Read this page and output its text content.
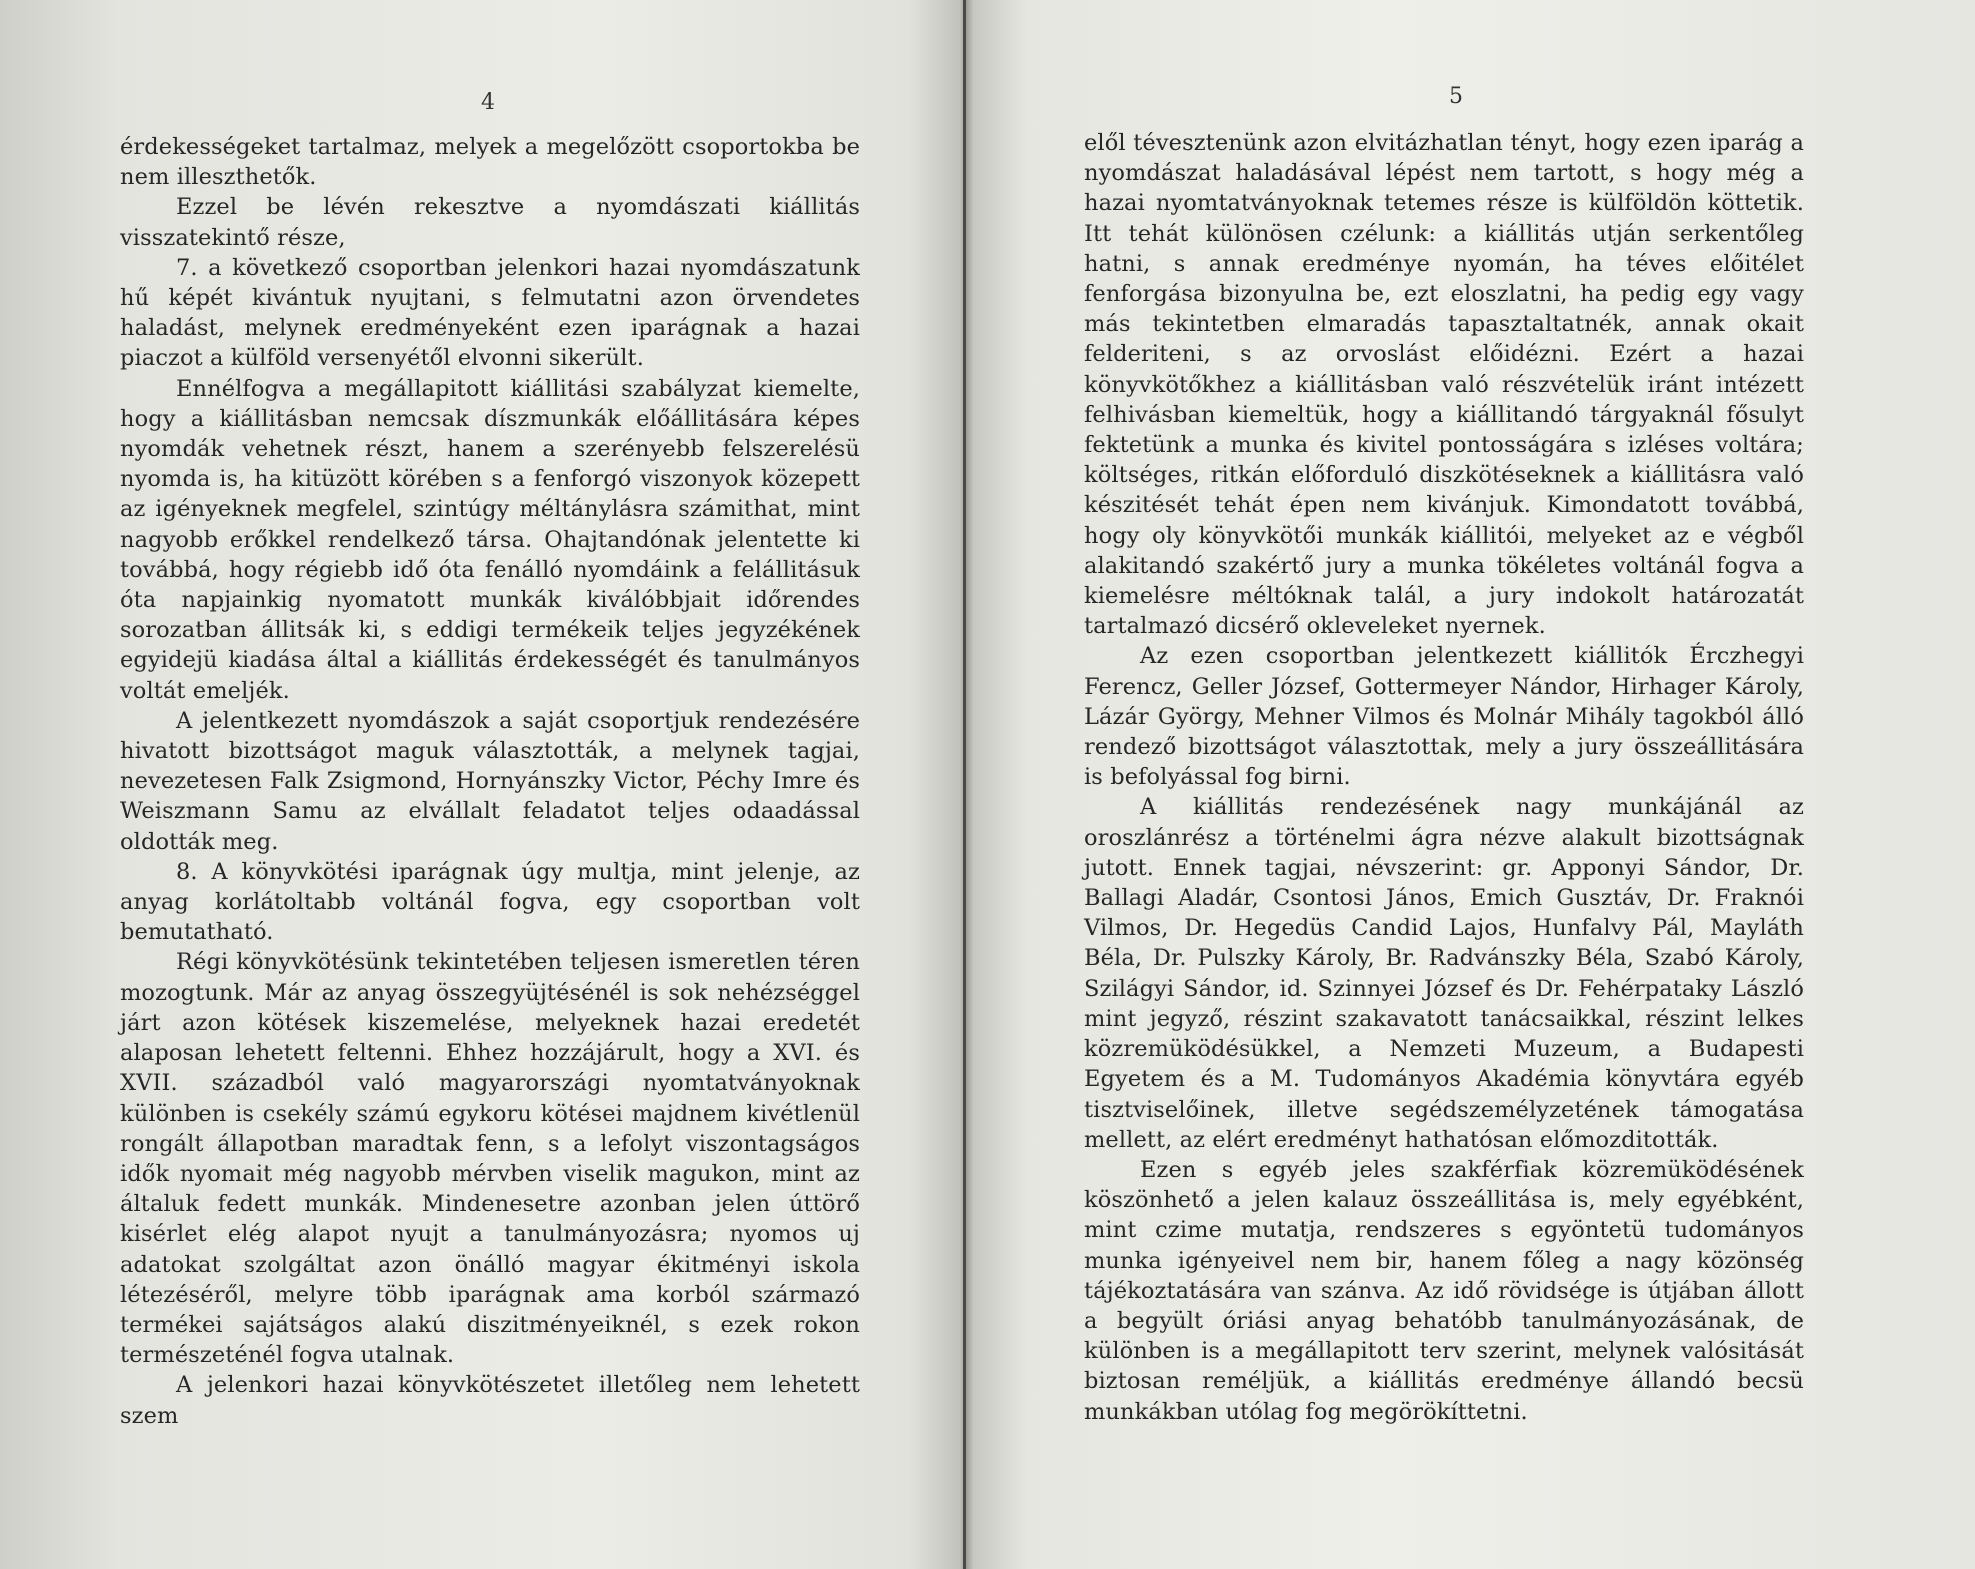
4

érdekességeket tartalmaz, melyek a megelőzött csoportokba be nem illeszthetők.

Ezzel be lévén rekesztve a nyomdászati kiállitás visszatekintő része,

7. a következő csoportban jelenkori hazai nyomdászatunk hű képét kivántuk nyujtani, s felmutatni azon örvendetes haladást, melynek eredményeként ezen iparágnak a hazai piaczot a külföld versenyétől elvonni sikerült.

Ennélfogva a megállapitott kiállitási szabályzat kiemelte, hogy a kiállitásban nemcsak díszmunkák előállitására képes nyomdák vehetnek részt, hanem a szerényebb felszerelésü nyomda is, ha kitüzött körében s a fenforgó viszonyok közepett az igényeknek megfelel, szintúgy méltánylásra számithat, mint nagyobb erőkkel rendelkező társa. Ohajtandónak jelentette ki továbbá, hogy régiebb idő óta fenálló nyomdáink a felállitásuk óta napjainkig nyomatott munkák kiválóbbjait időrendes sorozatban állitsák ki, s eddigi termékeik teljes jegyzékének egyidejü kiadása által a kiállitás érdekességét és tanulmányos voltát emeljék.

A jelentkezett nyomdászok a saját csoportjuk rendezésére hivatott bizottságot maguk választották, a melynek tagjai, nevezetesen Falk Zsigmond, Hornyánszky Victor, Péchy Imre és Weiszmann Samu az elvállalt feladatot teljes odaadással oldották meg.

8. A könyvkötési iparágnak úgy multja, mint jelenje, az anyag korlátoltabb voltánál fogva, egy csoportban volt bemutatható.

Régi könyvkötésünk tekintetében teljesen ismeretlen téren mozogtunk. Már az anyag összegyüjtésénél is sok nehézséggel járt azon kötések kiszemelése, melyeknek hazai eredetét alaposan lehetett feltenni. Ehhez hozzájárult, hogy a XVI. és XVII. századból való magyarországi nyomtatványoknak különben is csekély számú egykoru kötései majdnem kivétlenül rongált állapotban maradtak fenn, s a lefolyt viszontagságos idők nyomait még nagyobb mérvben viselik magukon, mint az általuk fedett munkák. Mindenesetre azonban jelen úttörő kisérlet elég alapot nyujt a tanulmányozásra; nyomos uj adatokat szolgáltat azon önálló magyar ékitményi iskola létezéséről, melyre több iparágnak ama korból származó termékei sajátságos alakú diszitményeiknél, s ezek rokon természeténél fogva utalnak.

A jelenkori hazai könyvkötészetet illetőleg nem lehetett szem

5

elől tévesztenünk azon elvitázhatlan tényt, hogy ezen iparág a nyomdászat haladásával lépést nem tartott, s hogy még a hazai nyomtatványoknak tetemes része is külföldön köttetik. Itt tehát különösen czélunk: a kiállitás utján serkentőleg hatni, s annak eredménye nyomán, ha téves előitélet fenforgása bizonyulna be, ezt eloszlatni, ha pedig egy vagy más tekintetben elmaradás tapasztaltatnék, annak okait felderiteni, s az orvoslást előidézni. Ezért a hazai könyvkötőkhez a kiállitásban való részvételük iránt intézett felhivásban kiemeltük, hogy a kiállitandó tárgyaknál fősulyt fektetünk a munka és kivitel pontosságára s izléses voltára; költséges, ritkán előforduló diszkötéseknek a kiállitásra való készitését tehát épen nem kivánjuk. Kimondatott továbbá, hogy oly könyvkötői munkák kiállitói, melyeket az e végből alakitandó szakértő jury a munka tökéletes voltánál fogva a kiemelésre méltóknak talál, a jury indokolt határozatát tartalmazó dicsérő okleveleket nyernek.

Az ezen csoportban jelentkezett kiállitók Érczhegyi Ferencz, Geller József, Gottermeyer Nándor, Hirhager Károly, Lázár György, Mehner Vilmos és Molnár Mihály tagokból álló rendező bizottságot választottak, mely a jury összeállitására is befolyással fog birni.

A kiállitás rendezésének nagy munkájánál az oroszlánrész a történelmi ágra nézve alakult bizottságnak jutott. Ennek tagjai, névszerint: gr. Apponyi Sándor, Dr. Ballagi Aladár, Csontosi János, Emich Gusztáv, Dr. Fraknói Vilmos, Dr. Hegedüs Candid Lajos, Hunfalvy Pál, Mayláth Béla, Dr. Pulszky Károly, Br. Radvánszky Béla, Szabó Károly, Szilágyi Sándor, id. Szinnyei József és Dr. Fehérpataky László mint jegyző, részint szakavatott tanácsaikkal, részint lelkes közremüködésükkel, a Nemzeti Muzeum, a Budapesti Egyetem és a M. Tudományos Akadémia könyvtára egyéb tisztviselőinek, illetve segédszemélyzetének támogatása mellett, az elért eredményt hathatósan előmozditották.

Ezen s egyéb jeles szakférfiak közremüködésének köszönhető a jelen kalauz összeállitása is, mely egyébként, mint czime mutatja, rendszeres s egyöntetü tudományos munka igényeivel nem bir, hanem főleg a nagy közönség tájékoztatására van szánva. Az idő rövidsége is útjában állott a begyült óriási anyag behatóbb tanulmányozásának, de különben is a megállapitott terv szerint, melynek valósitását biztosan reméljük, a kiállitás eredménye állandó becsü munkákban utólag fog megörökíttetni.
